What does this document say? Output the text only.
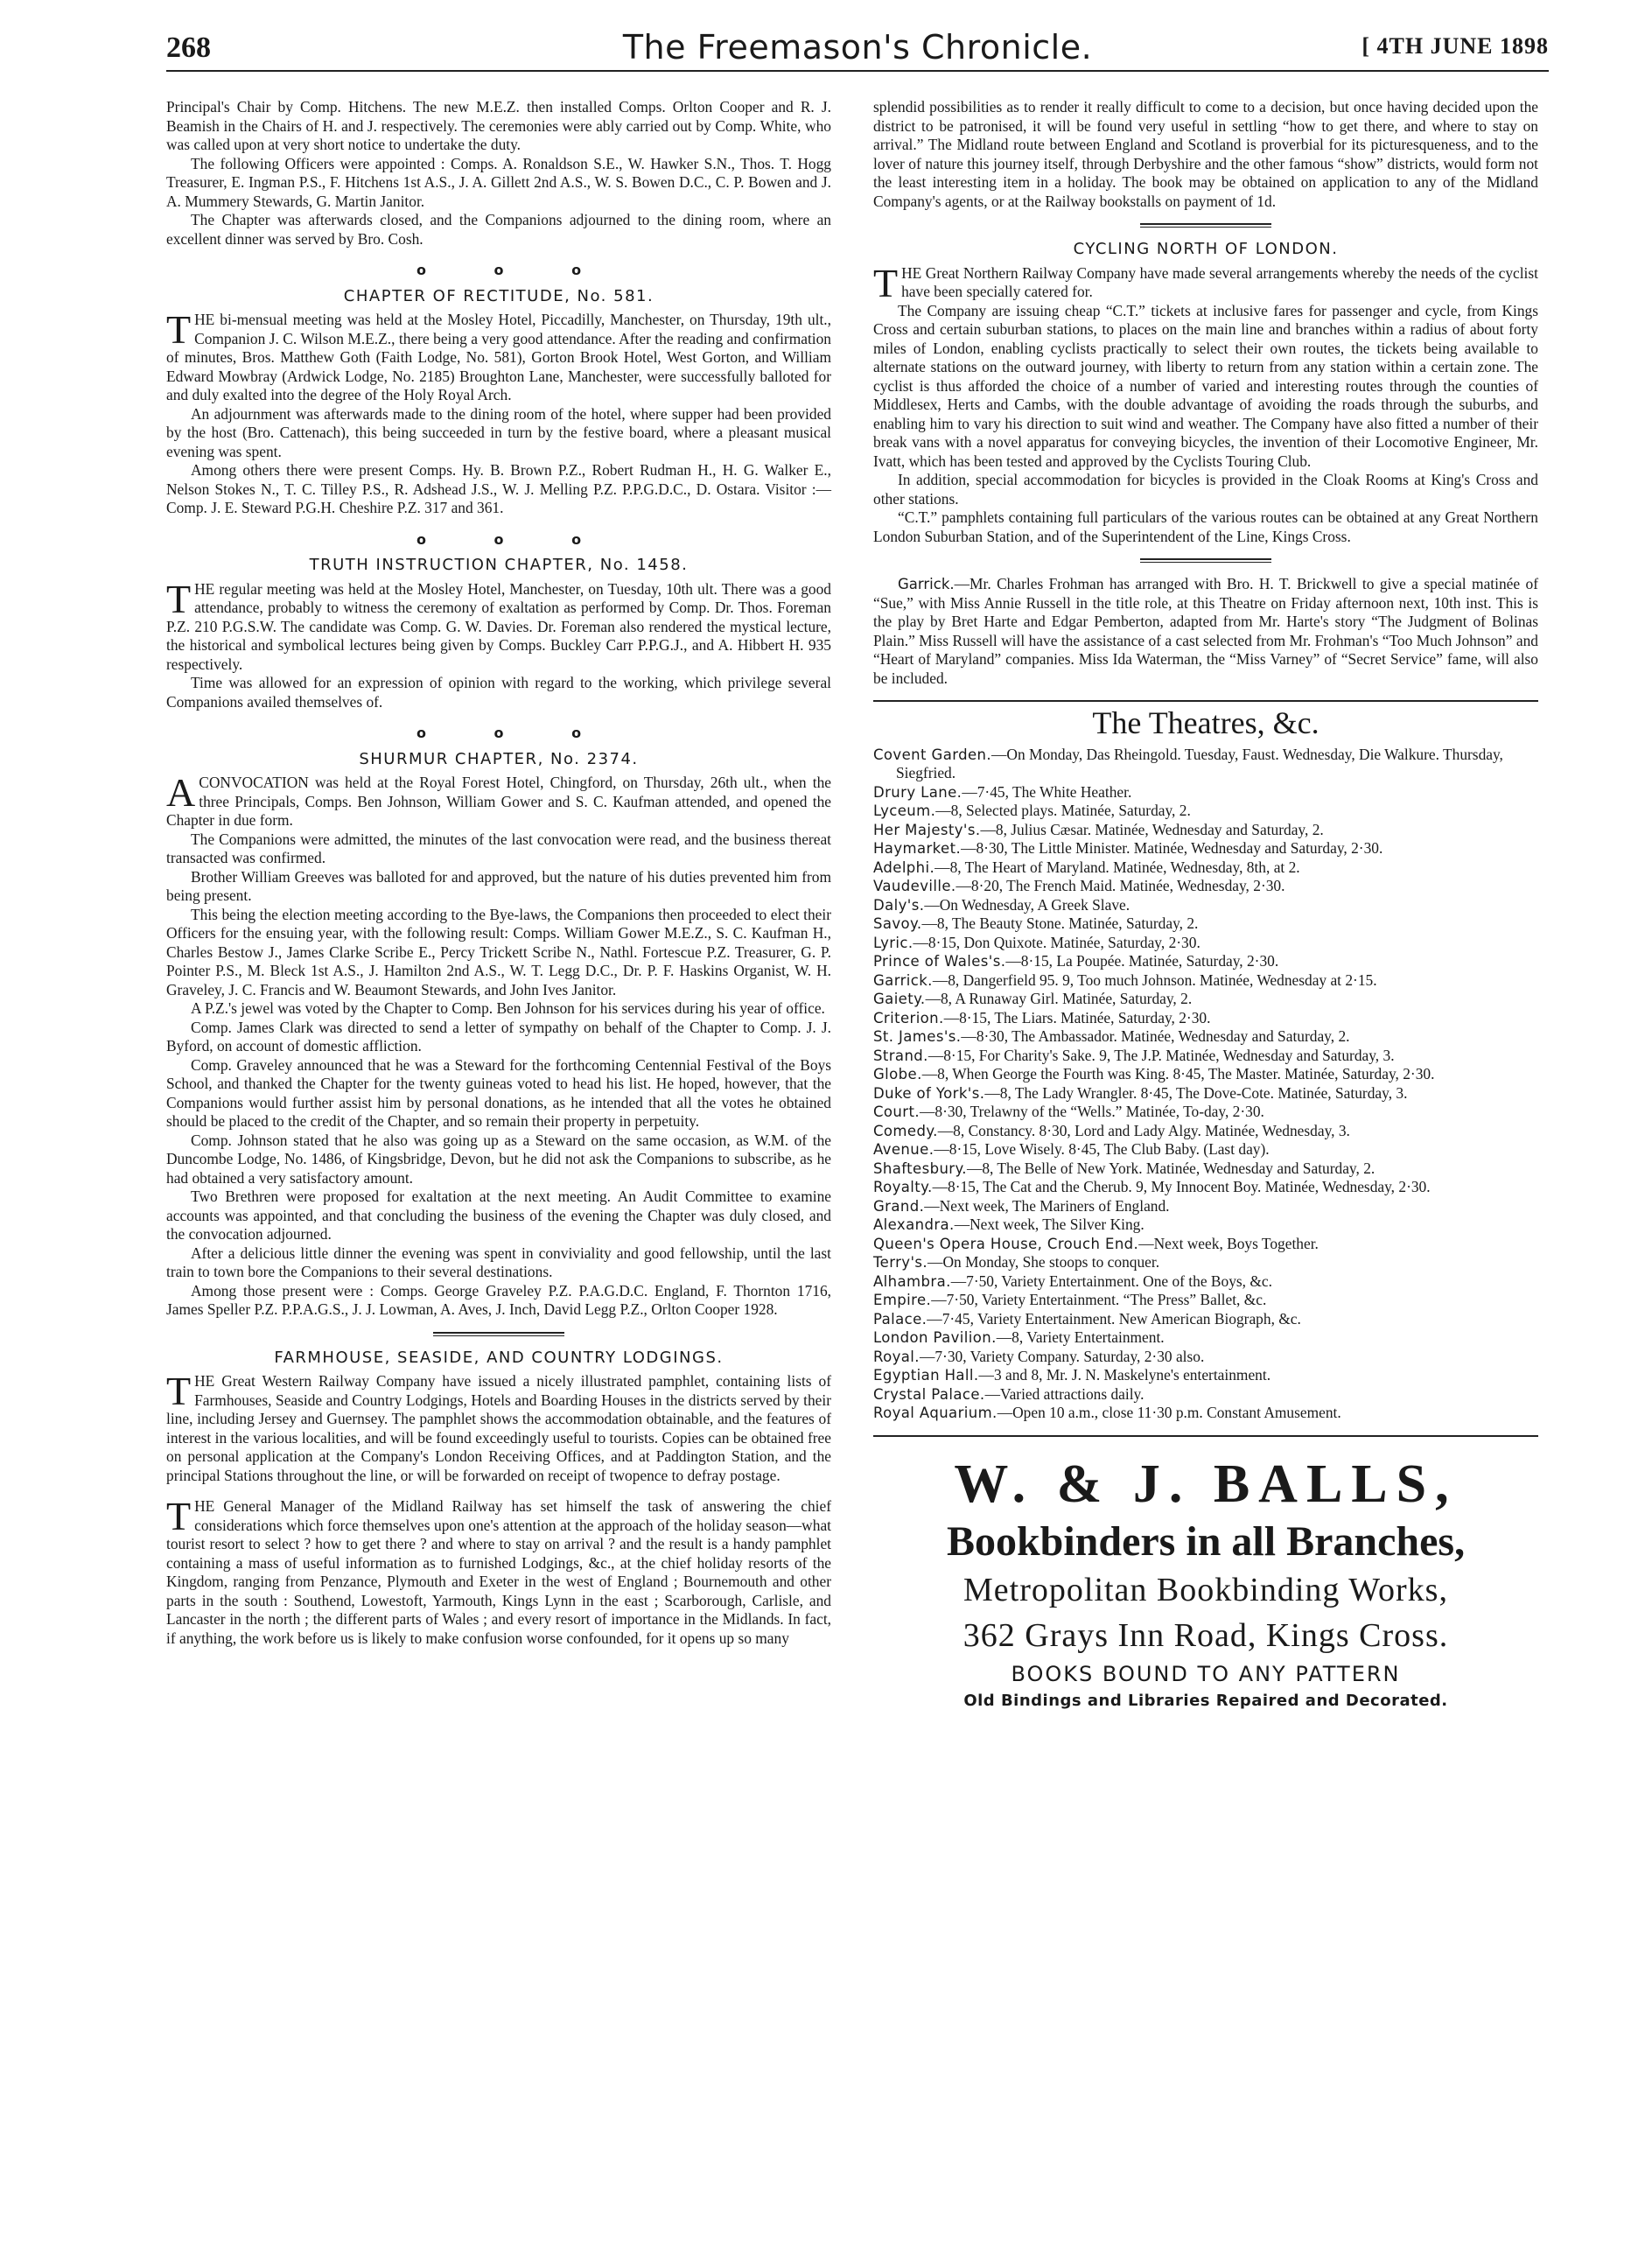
268	The Freemason's Chronicle.	[ 4TH JUNE 1898

Principal's Chair by Comp. Hitchens. The new M.E.Z. then installed Comps. Orlton Cooper and R. J. Beamish in the Chairs of H. and J. respectively. The ceremonies were ably carried out by Comp. White, who was called upon at very short notice to undertake the duty.

The following Officers were appointed : Comps. A. Ronaldson S.E., W. Hawker S.N., Thos. T. Hogg Treasurer, E. Ingman P.S., F. Hitchens 1st A.S., J. A. Gillett 2nd A.S., W. S. Bowen D.C., C. P. Bowen and J. A. Mummery Stewards, G. Martin Janitor.

The Chapter was afterwards closed, and the Companions adjourned to the dining room, where an excellent dinner was served by Bro. Cosh.

o o o
CHAPTER OF RECTITUDE, No. 581.

THE bi-mensual meeting was held at the Mosley Hotel, Piccadilly, Manchester, on Thursday, 19th ult., Companion J. C. Wilson M.E.Z., there being a very good attendance. After the reading and confirmation of minutes, Bros. Matthew Goth (Faith Lodge, No. 581), Gorton Brook Hotel, West Gorton, and William Edward Mowbray (Ardwick Lodge, No. 2185) Broughton Lane, Manchester, were successfully balloted for and duly exalted into the degree of the Holy Royal Arch.

An adjournment was afterwards made to the dining room of the hotel, where supper had been provided by the host (Bro. Cattenach), this being succeeded in turn by the festive board, where a pleasant musical evening was spent.

Among others there were present Comps. Hy. B. Brown P.Z., Robert Rudman H., H. G. Walker E., Nelson Stokes N., T. C. Tilley P.S., R. Adshead J.S., W. J. Melling P.Z. P.P.G.D.C., D. Ostara. Visitor :—Comp. J. E. Steward P.G.H. Cheshire P.Z. 317 and 361.

o o o
TRUTH INSTRUCTION CHAPTER, No. 1458.

THE regular meeting was held at the Mosley Hotel, Manchester, on Tuesday, 10th ult. There was a good attendance, probably to witness the ceremony of exaltation as performed by Comp. Dr. Thos. Foreman P.Z. 210 P.G.S.W. The candidate was Comp. G. W. Davies. Dr. Foreman also rendered the mystical lecture, the historical and symbolical lectures being given by Comps. Buckley Carr P.P.G.J., and A. Hibbert H. 935 respectively.

Time was allowed for an expression of opinion with regard to the working, which privilege several Companions availed themselves of.

o o o
SHURMUR CHAPTER, No. 2374.

ACONVOCATION was held at the Royal Forest Hotel, Chingford, on Thursday, 26th ult., when the three Principals, Comps. Ben Johnson, William Gower and S. C. Kaufman attended, and opened the Chapter in due form.

The Companions were admitted, the minutes of the last convocation were read, and the business thereat transacted was confirmed.

Brother William Greeves was balloted for and approved, but the nature of his duties prevented him from being present.

This being the election meeting according to the Bye-laws, the Companions then proceeded to elect their Officers for the ensuing year, with the following result: Comps. William Gower M.E.Z., S. C. Kaufman H., Charles Bestow J., James Clarke Scribe E., Percy Trickett Scribe N., Nathl. Fortescue P.Z. Treasurer, G. P. Pointer P.S., M. Bleck 1st A.S., J. Hamilton 2nd A.S., W. T. Legg D.C., Dr. P. F. Haskins Organist, W. H. Graveley, J. C. Francis and W. Beaumont Stewards, and John Ives Janitor.

A P.Z.'s jewel was voted by the Chapter to Comp. Ben Johnson for his services during his year of office.

Comp. James Clark was directed to send a letter of sympathy on behalf of the Chapter to Comp. J. J. Byford, on account of domestic affliction.

Comp. Graveley announced that he was a Steward for the forthcoming Centennial Festival of the Boys School, and thanked the Chapter for the twenty guineas voted to head his list. He hoped, however, that the Companions would further assist him by personal donations, as he intended that all the votes he obtained should be placed to the credit of the Chapter, and so remain their property in perpetuity.

Comp. Johnson stated that he also was going up as a Steward on the same occasion, as W.M. of the Duncombe Lodge, No. 1486, of Kingsbridge, Devon, but he did not ask the Companions to subscribe, as he had obtained a very satisfactory amount.

Two Brethren were proposed for exaltation at the next meeting. An Audit Committee to examine accounts was appointed, and that concluding the business of the evening the Chapter was duly closed, and the convocation adjourned.

After a delicious little dinner the evening was spent in conviviality and good fellowship, until the last train to town bore the Companions to their several destinations.

Among those present were : Comps. George Graveley P.Z. P.A.G.D.C. England, F. Thornton 1716, James Speller P.Z. P.P.A.G.S., J. J. Lowman, A. Aves, J. Inch, David Legg P.Z., Orlton Cooper 1928.

FARMHOUSE, SEASIDE, AND COUNTRY LODGINGS.

THE Great Western Railway Company have issued a nicely illustrated pamphlet, containing lists of Farmhouses, Seaside and Country Lodgings, Hotels and Boarding Houses in the districts served by their line, including Jersey and Guernsey. The pamphlet shows the accommodation obtainable, and the features of interest in the various localities, and will be found exceedingly useful to tourists. Copies can be obtained free on personal application at the Company's London Receiving Offices, and at Paddington Station, and the principal Stations throughout the line, or will be forwarded on receipt of twopence to defray postage.

THE General Manager of the Midland Railway has set himself the task of answering the chief considerations which force themselves upon one's attention at the approach of the holiday season—what tourist resort to select ? how to get there ? and where to stay on arrival ? and the result is a handy pamphlet containing a mass of useful information as to furnished Lodgings, &c., at the chief holiday resorts of the Kingdom, ranging from Penzance, Plymouth and Exeter in the west of England ; Bournemouth and other parts in the south : Southend, Lowestoft, Yarmouth, Kings Lynn in the east ; Scarborough, Carlisle, and Lancaster in the north ; the different parts of Wales ; and every resort of importance in the Midlands. In fact, if anything, the work before us is likely to make confusion worse confounded, for it opens up so many

splendid possibilities as to render it really difficult to come to a decision, but once having decided upon the district to be patronised, it will be found very useful in settling “how to get there, and where to stay on arrival.” The Midland route between England and Scotland is proverbial for its picturesqueness, and to the lover of nature this journey itself, through Derbyshire and the other famous “show” districts, would form not the least interesting item in a holiday. The book may be obtained on application to any of the Midland Company's agents, or at the Railway bookstalls on payment of 1d.

CYCLING NORTH OF LONDON.

THE Great Northern Railway Company have made several arrangements whereby the needs of the cyclist have been specially catered for.

The Company are issuing cheap “C.T.” tickets at inclusive fares for passenger and cycle, from Kings Cross and certain suburban stations, to places on the main line and branches within a radius of about forty miles of London, enabling cyclists practically to select their own routes, the tickets being available to alternate stations on the outward journey, with liberty to return from any station within a certain zone. The cyclist is thus afforded the choice of a number of varied and interesting routes through the counties of Middlesex, Herts and Cambs, with the double advantage of avoiding the roads through the suburbs, and enabling him to vary his direction to suit wind and weather. The Company have also fitted a number of their break vans with a novel apparatus for conveying bicycles, the invention of their Locomotive Engineer, Mr. Ivatt, which has been tested and approved by the Cyclists Touring Club.

In addition, special accommodation for bicycles is provided in the Cloak Rooms at King's Cross and other stations.

“C.T.” pamphlets containing full particulars of the various routes can be obtained at any Great Northern London Suburban Station, and of the Superintendent of the Line, Kings Cross.

Garrick.—Mr. Charles Frohman has arranged with Bro. H. T. Brickwell to give a special matinée of “Sue,” with Miss Annie Russell in the title role, at this Theatre on Friday afternoon next, 10th inst. This is the play by Bret Harte and Edgar Pemberton, adapted from Mr. Harte's story “The Judgment of Bolinas Plain.” Miss Russell will have the assistance of a cast selected from Mr. Frohman's “Too Much Johnson” and “Heart of Maryland” companies. Miss Ida Waterman, the “Miss Varney” of “Secret Service” fame, will also be included.

The Theatres, &c.

Covent Garden.—On Monday, Das Rheingold. Tuesday, Faust. Wednesday, Die Walkure. Thursday, Siegfried.

Drury Lane.—7·45, The White Heather.

Lyceum.—8, Selected plays. Matinée, Saturday, 2.

Her Majesty's.—8, Julius Cæsar. Matinée, Wednesday and Saturday, 2.

Haymarket.—8·30, The Little Minister. Matinée, Wednesday and Saturday, 2·30.

Adelphi.—8, The Heart of Maryland. Matinée, Wednesday, 8th, at 2.

Vaudeville.—8·20, The French Maid. Matinée, Wednesday, 2·30.

Daly's.—On Wednesday, A Greek Slave.

Savoy.—8, The Beauty Stone. Matinée, Saturday, 2.

Lyric.—8·15, Don Quixote. Matinée, Saturday, 2·30.

Prince of Wales's.—8·15, La Poupée. Matinée, Saturday, 2·30.

Garrick.—8, Dangerfield 95. 9, Too much Johnson. Matinée, Wednesday at 2·15.

Gaiety.—8, A Runaway Girl. Matinée, Saturday, 2.

Criterion.—8·15, The Liars. Matinée, Saturday, 2·30.

St. James's.—8·30, The Ambassador. Matinée, Wednesday and Saturday, 2.

Strand.—8·15, For Charity's Sake. 9, The J.P. Matinée, Wednesday and Saturday, 3.

Globe.—8, When George the Fourth was King. 8·45, The Master. Matinée, Saturday, 2·30.

Duke of York's.—8, The Lady Wrangler. 8·45, The Dove-Cote. Matinée, Saturday, 3.

Court.—8·30, Trelawny of the “Wells.” Matinée, To-day, 2·30.

Comedy.—8, Constancy. 8·30, Lord and Lady Algy. Matinée, Wednesday, 3.

Avenue.—8·15, Love Wisely. 8·45, The Club Baby. (Last day).

Shaftesbury.—8, The Belle of New York. Matinée, Wednesday and Saturday, 2.

Royalty.—8·15, The Cat and the Cherub. 9, My Innocent Boy. Matinée, Wednesday, 2·30.

Grand.—Next week, The Mariners of England.

Alexandra.—Next week, The Silver King.

Queen's Opera House, Crouch End.—Next week, Boys Together.

Terry's.—On Monday, She stoops to conquer.

Alhambra.—7·50, Variety Entertainment. One of the Boys, &c.

Empire.—7·50, Variety Entertainment. “The Press” Ballet, &c.

Palace.—7·45, Variety Entertainment. New American Biograph, &c.

London Pavilion.—8, Variety Entertainment.

Royal.—7·30, Variety Company. Saturday, 2·30 also.

Egyptian Hall.—3 and 8, Mr. J. N. Maskelyne's entertainment.

Crystal Palace.—Varied attractions daily.

Royal Aquarium.—Open 10 a.m., close 11·30 p.m. Constant Amusement.

W. & J. BALLS,
Bookbinders in all Branches,
Metropolitan Bookbinding Works,
362 Grays Inn Road, Kings Cross.
BOOKS BOUND TO ANY PATTERN
Old Bindings and Libraries Repaired and Decorated.
